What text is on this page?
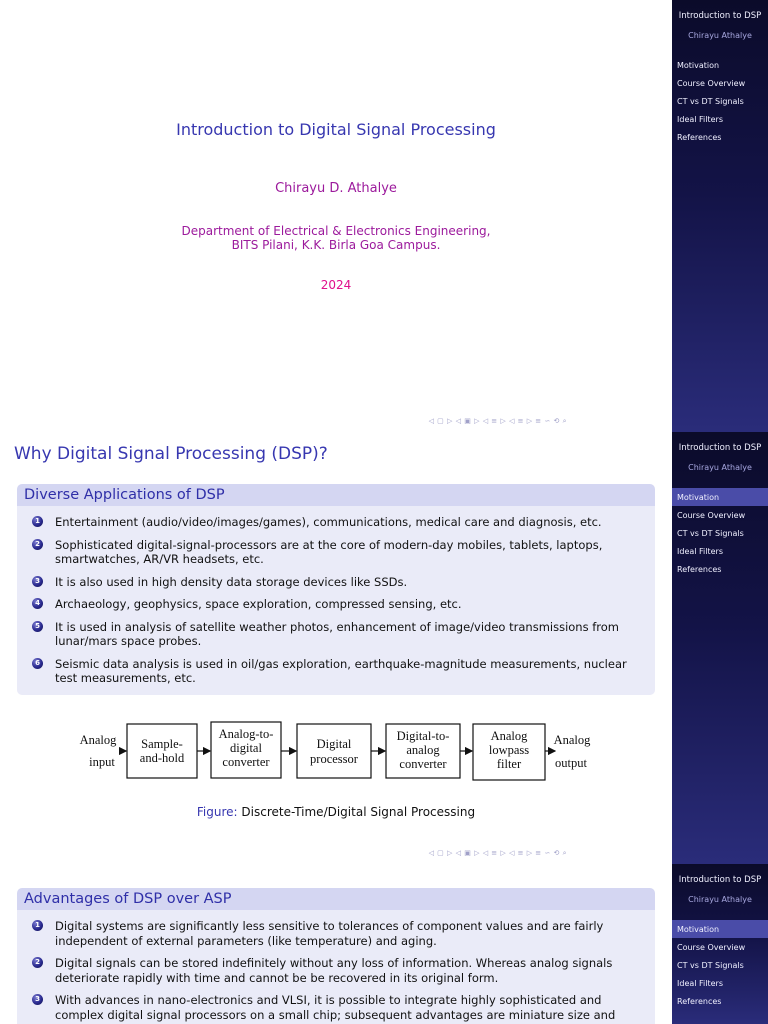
Introduction to Digital Signal Processing
Chirayu D. Athalye
Department of Electrical & Electronics Engineering,
BITS Pilani, K.K. Birla Goa Campus.
2024
◁ ▢ ▷ ◁ ▣ ▷ ◁ ≡ ▷ ◁ ≡ ▷ ≡ ∽ ⟲ ⌕
Introduction to DSP
Chirayu Athalye
Motivation
Course Overview
CT vs DT Signals
Ideal Filters
References
Why Digital Signal Processing (DSP)?
Diverse Applications of DSP
1 Entertainment (audio/video/images/games), communications, medical care and diagnosis, etc.
2 Sophisticated digital-signal-processors are at the core of modern-day mobiles, tablets, laptops, smartwatches, AR/VR headsets, etc.
3 It is also used in high density data storage devices like SSDs.
4 Archaeology, geophysics, space exploration, compressed sensing, etc.
5 It is used in analysis of satellite weather photos, enhancement of image/video transmissions from lunar/mars space probes.
6 Seismic data analysis is used in oil/gas exploration, earthquake-magnitude measurements, nuclear test measurements, etc.
Analog
input
Sample-
and-hold
Analog-to-
digital
converter
Digital
processor
Digital-to-
analog
converter
Analog
lowpass
filter
Analog
output
Figure: Discrete-Time/Digital Signal Processing
◁ ▢ ▷ ◁ ▣ ▷ ◁ ≡ ▷ ◁ ≡ ▷ ≡ ∽ ⟲ ⌕
Introduction to DSP
Chirayu Athalye
Motivation
Course Overview
CT vs DT Signals
Ideal Filters
References
Advantages of DSP over ASP
1 Digital systems are significantly less sensitive to tolerances of component values and are fairly independent of external parameters (like temperature) and aging.
2 Digital signals can be stored indefinitely without any loss of information. Whereas analog signals deteriorate rapidly with time and cannot be be recovered in its original form.
3 With advances in nano-electronics and VLSI, it is possible to integrate highly sophisticated and complex digital signal processors on a small chip; subsequent advantages are miniature size and
Introduction to DSP
Chirayu Athalye
Motivation
Course Overview
CT vs DT Signals
Ideal Filters
References
